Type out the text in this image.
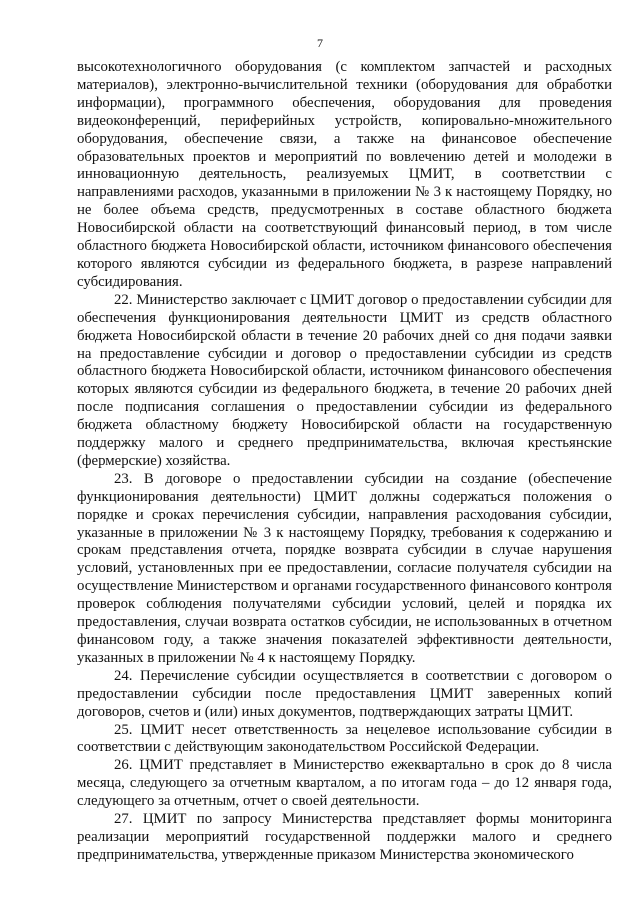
7

высокотехнологичного оборудования (с комплектом запчастей и расходных материалов), электронно-вычислительной техники (оборудования для обработки информации), программного обеспечения, оборудования для проведения видеоконференций, периферийных устройств, копировально-множительного оборудования, обеспечение связи, а также на финансовое обеспечение образовательных проектов и мероприятий по вовлечению детей и молодежи в инновационную деятельность, реализуемых ЦМИТ, в соответствии с направлениями расходов, указанными в приложении № 3 к настоящему Порядку, но не более объема средств, предусмотренных в составе областного бюджета Новосибирской области на соответствующий финансовый период, в том числе областного бюджета Новосибирской области, источником финансового обеспечения которого являются субсидии из федерального бюджета, в разрезе направлений субсидирования.

22. Министерство заключает с ЦМИТ договор о предоставлении субсидии для обеспечения функционирования деятельности ЦМИТ из средств областного бюджета Новосибирской области в течение 20 рабочих дней со дня подачи заявки на предоставление субсидии и договор о предоставлении субсидии из средств областного бюджета Новосибирской области, источником финансового обеспечения которых являются субсидии из федерального бюджета, в течение 20 рабочих дней после подписания соглашения о предоставлении субсидии из федерального бюджета областному бюджету Новосибирской области на государственную поддержку малого и среднего предпринимательства, включая крестьянские (фермерские) хозяйства.

23. В договоре о предоставлении субсидии на создание (обеспечение функционирования деятельности) ЦМИТ должны содержаться положения о порядке и сроках перечисления субсидии, направления расходования субсидии, указанные в приложении № 3 к настоящему Порядку, требования к содержанию и срокам представления отчета, порядке возврата субсидии в случае нарушения условий, установленных при ее предоставлении, согласие получателя субсидии на осуществление Министерством и органами государственного финансового контроля проверок соблюдения получателями субсидии условий, целей и порядка их предоставления, случаи возврата остатков субсидии, не использованных в отчетном финансовом году, а также значения показателей эффективности деятельности, указанных в приложении № 4 к настоящему Порядку.

24. Перечисление субсидии осуществляется в соответствии с договором о предоставлении субсидии после предоставления ЦМИТ заверенных копий договоров, счетов и (или) иных документов, подтверждающих затраты ЦМИТ.

25. ЦМИТ несет ответственность за нецелевое использование субсидии в соответствии с действующим законодательством Российской Федерации.

26. ЦМИТ представляет в Министерство ежеквартально в срок до 8 числа месяца, следующего за отчетным кварталом, а по итогам года – до 12 января года, следующего за отчетным, отчет о своей деятельности.

27. ЦМИТ по запросу Министерства представляет формы мониторинга реализации мероприятий государственной поддержки малого и среднего предпринимательства, утвержденные приказом Министерства экономического
